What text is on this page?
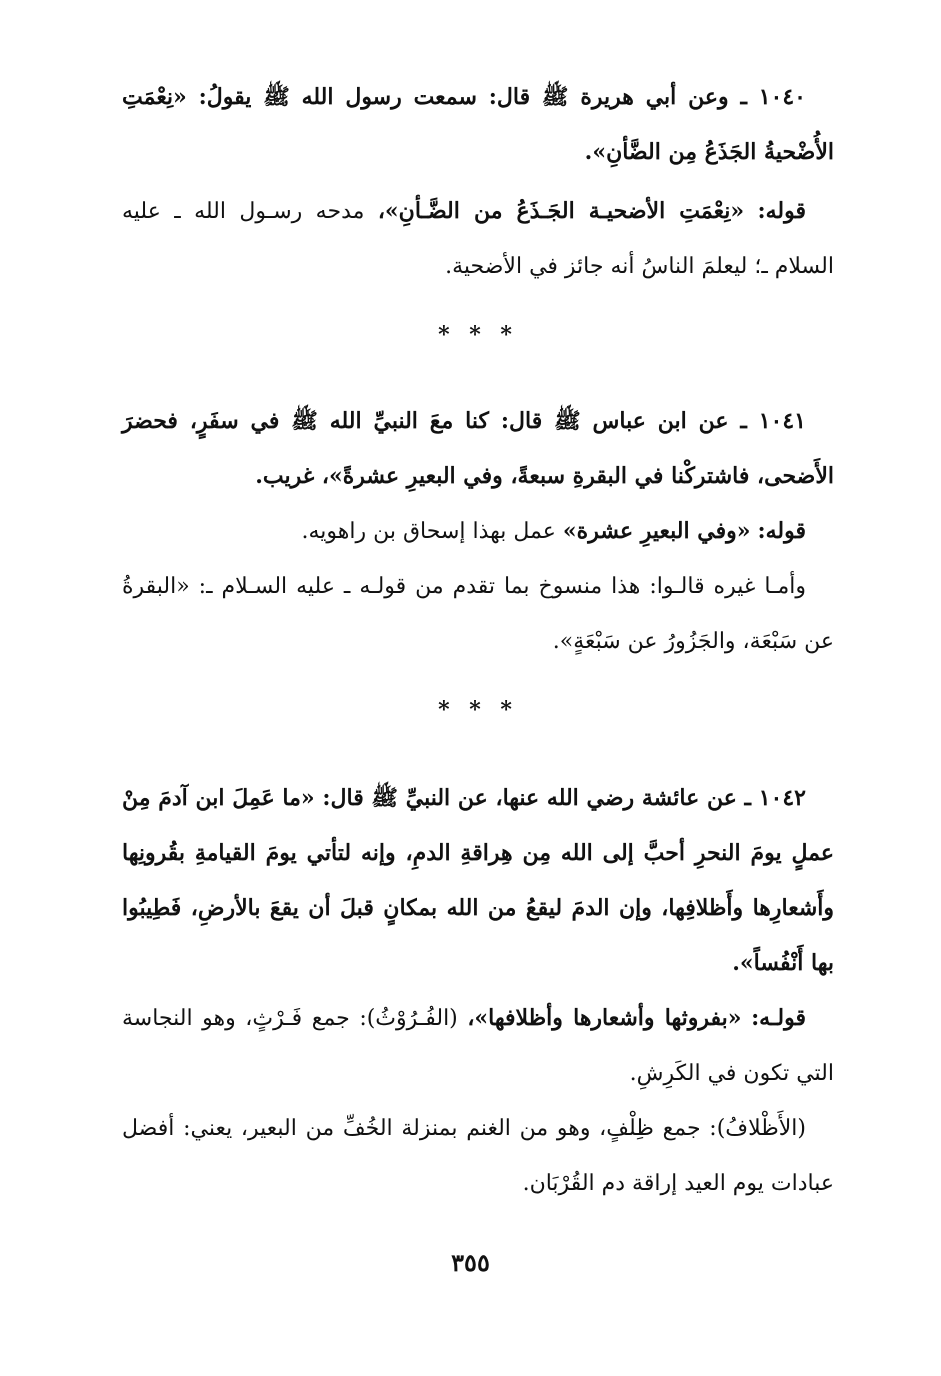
١٠٤٠ ـ وعن أبي هريرة ﷺ قال: سمعت رسول الله ﷺ يقولُ: «نِعْمَتِ الأُضْحيةُ الجَذَعُ مِن الضَّأنِ».

قوله: «نِعْمَتِ الأضحيـة الجَـذَعُ من الضَّـأنِ»، مدحه رسـول الله ـ عليه السلام ـ؛ ليعلمَ الناسُ أنه جائز في الأضحية.

* * *

١٠٤١ ـ عن ابن عباس ﷺ قال: كنا معَ النبيِّ الله ﷺ في سفَرٍ، فحضرَ الأَضحى، فاشتركْنا في البقرةِ سبعةً، وفي البعيرِ عشرةً»، غريب.

قوله: «وفي البعيرِ عشرة» عمل بهذا إسحاق بن راهويه.

وأمـا غيره قالـوا: هذا منسوخ بما تقدم من قولـه ـ عليه السـلام ـ: «البقرةُ عن سَبْعَة، والجَزُورُ عن سَبْعَةٍ».

* * *

١٠٤٢ ـ عن عائشة رضي الله عنها، عن النبيِّ ﷺ قال: «ما عَمِلَ ابن آدمَ مِنْ عملٍ يومَ النحرِ أحبَّ إلى الله مِن هِراقةِ الدمِ، وإنه لتأتي يومَ القيامةِ بقُرونِها وأَشعارِها وأَظلافِها، وإن الدمَ ليقعُ من الله بمكانٍ قبلَ أن يقعَ بالأرضِ، فَطِيبُوا بها أَنْفُساً».

قولـه: «بفروثها وأشعارها وأظلافها»، (الفُـرُوْثُ): جمع فَـرْثٍ، وهو النجاسة التي تكون في الكَرِشِ.

(الأَظْلافُ): جمع ظِلْفٍ، وهو من الغنم بمنزلة الخُفِّ من البعير، يعني: أفضل عبادات يوم العيد إراقة دم القُرْبَان.

٣٥٥
